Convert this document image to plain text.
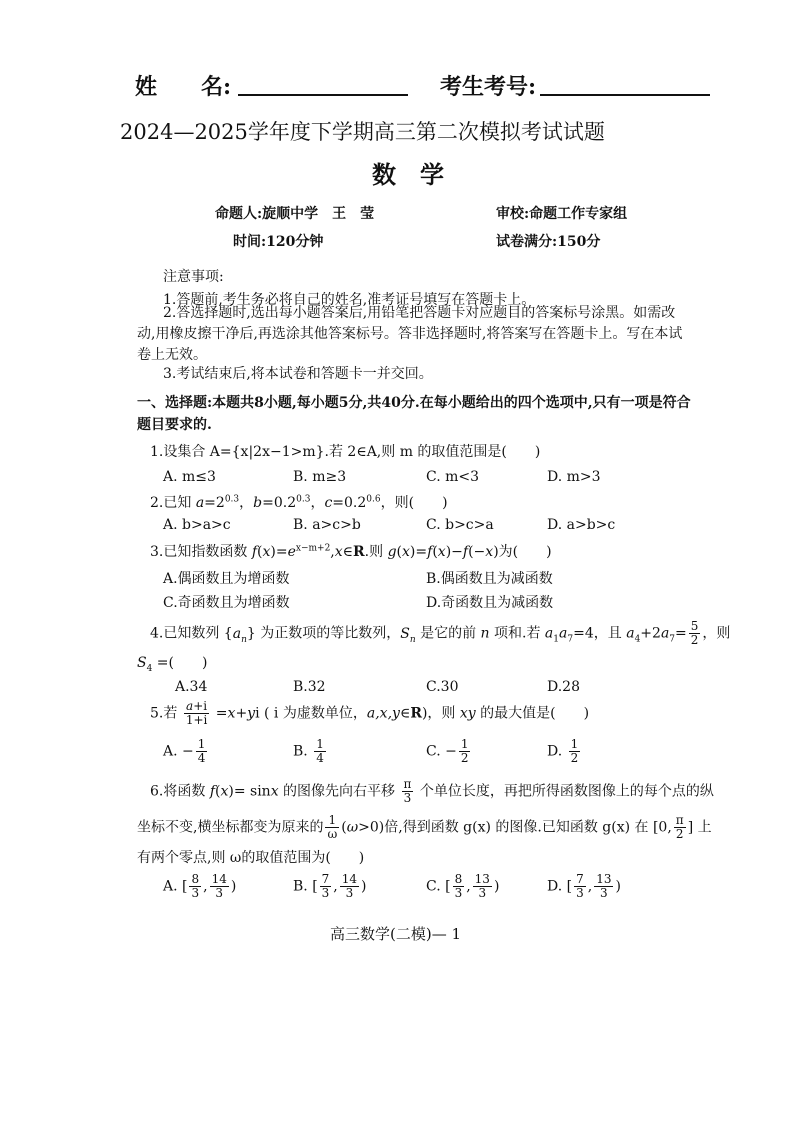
姓　　名:	考生考号:
2024—2025学年度下学期高三第二次模拟考试试题
数　学
命题人:旋顺中学　王　莹	审校:命题工作专家组
时间:120分钟	试卷满分:150分
注意事项:
1.答题前,考生务必将自己的姓名,准考证号填写在答题卡上。
2.答选择题时,选出每小题答案后,用铅笔把答题卡对应题目的答案标号涂黑。如需改
动,用橡皮擦干净后,再选涂其他答案标号。答非选择题时,将答案写在答题卡上。写在本试
卷上无效。
3.考试结束后,将本试卷和答题卡一并交回。
一、选择题:本题共8小题,每小题5分,共40分.在每小题给出的四个选项中,只有一项是符合
题目要求的.
1.设集合 A={x|2x−1>m}.若 2∈A,则 m 的取值范围是(　　)
A. m≤3	B. m≥3	C. m<3	D. m>3
2.已知 $a=2^{0.3}$，$b=0.2^{0.3}$，$c=0.2^{0.6}$，则(　　)
A. b>a>c	B. a>c>b	C. b>c>a	D. a>b>c
3.已知指数函数 $f(x)=e^{x-m+2},x\in R$.则 g(x)=f(x)−f(−x)为(　　)
A.偶函数且为增函数	B.偶函数且为减函数
C.奇函数且为增函数	D.奇函数且为减函数
4.已知数列 $\{a_n\}$ 为正数项的等比数列，$S_n$ 是它的前 n 项和.若 $a_1a_7=4$，且 $a_4+2a_7= \frac{5}{2}$ ，则
$S_4$ =(　　)
A.34	B.32	C.30	D.28
5.若 $\frac{a+i}{1+i} =x+yi$ ( i 为虚数单位，a,x,y∈R)，则 xy 的最大值是(　　)
A. − $\frac{1}{4}$	B. $\frac{1}{4}$	C. − $\frac{1}{2}$	D. $\frac{1}{2}$
6.将函数 f(x)= sinx 的图像先向右平移 $\frac{\pi}{3}$ 个单位长度，再把所得函数图像上的每个点的纵
坐标不变,横坐标都变为原来的 $\frac{1}{\omega} (\omega>0)$倍,得到函数 g(x) 的图像.已知函数 g(x) 在 [0, $\frac{\pi}{2}$ ] 上
有两个零点,则 ω的取值范围为(　　)
A. [ $\frac{8}{3}$ , $\frac{14}{3}$ )	B. [ $\frac{7}{3}$ , $\frac{14}{3}$ )	C. [ $\frac{8}{3}$ , $\frac{13}{3}$ )	D. [ $\frac{7}{3}$ , $\frac{13}{3}$ )
高三数学(二模)— 1
